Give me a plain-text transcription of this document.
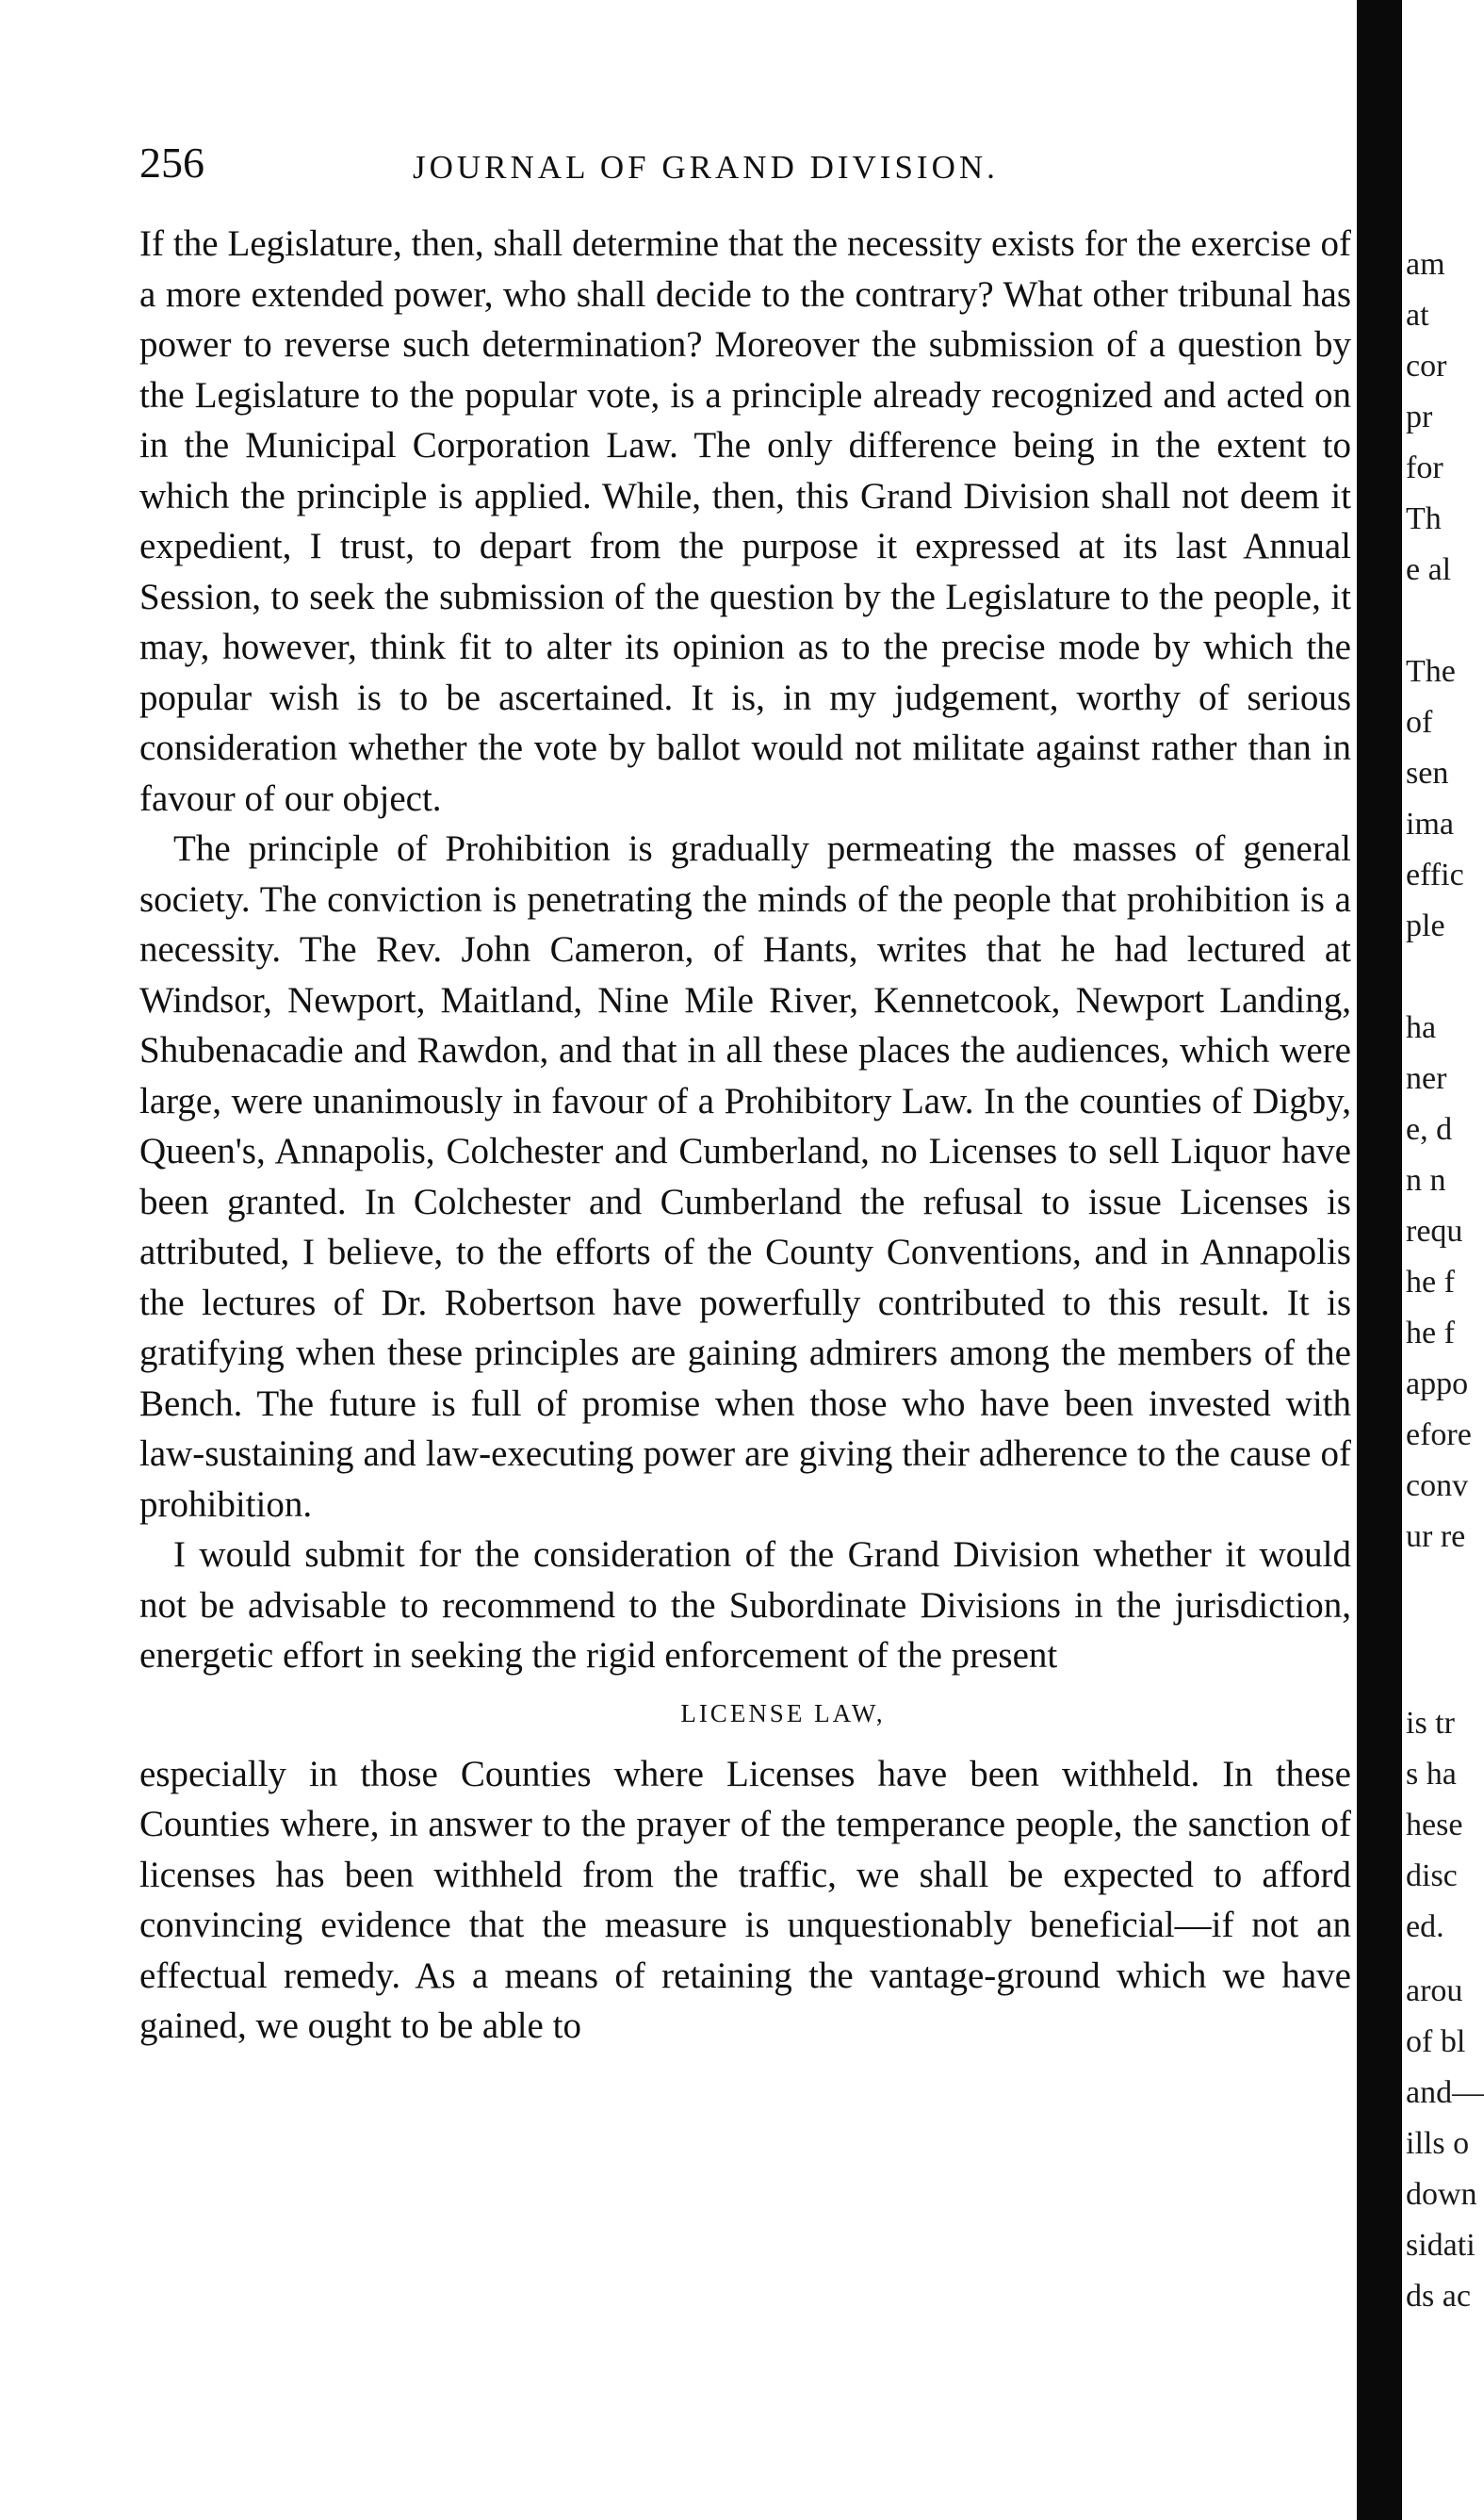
256	JOURNAL OF GRAND DIVISION.

If the Legislature, then, shall determine that the necessity exists for the exercise of a more extended power, who shall decide to the contrary? What other tribunal has power to reverse such determination? Moreover the submission of a question by the Legislature to the popular vote, is a principle already recognized and acted on in the Municipal Corporation Law. The only difference being in the extent to which the principle is applied. While, then, this Grand Division shall not deem it expedient, I trust, to depart from the purpose it expressed at its last Annual Session, to seek the submission of the question by the Legislature to the people, it may, however, think fit to alter its opinion as to the precise mode by which the popular wish is to be ascertained. It is, in my judgement, worthy of serious consideration whether the vote by ballot would not militate against rather than in favour of our object.

The principle of Prohibition is gradually permeating the masses of general society. The conviction is penetrating the minds of the people that prohibition is a necessity. The Rev. John Cameron, of Hants, writes that he had lectured at Windsor, Newport, Maitland, Nine Mile River, Kennetcook, Newport Landing, Shubenacadie and Rawdon, and that in all these places the audiences, which were large, were unanimously in favour of a Prohibitory Law. In the counties of Digby, Queen's, Annapolis, Colchester and Cumberland, no Licenses to sell Liquor have been granted. In Colchester and Cumberland the refusal to issue Licenses is attributed, I believe, to the efforts of the County Conventions, and in Annapolis the lectures of Dr. Robertson have powerfully contributed to this result. It is gratifying when these principles are gaining admirers among the members of the Bench. The future is full of promise when those who have been invested with law-sustaining and law-executing power are giving their adherence to the cause of prohibition.

I would submit for the consideration of the Grand Division whether it would not be advisable to recommend to the Subordinate Divisions in the jurisdiction, energetic effort in seeking the rigid enforcement of the present

LICENSE LAW,

especially in those Counties where Licenses have been withheld. In these Counties where, in answer to the prayer of the temperance people, the sanction of licenses has been withheld from the traffic, we shall be expected to afford convincing evidence that the measure is unquestionably beneficial—if not an effectual remedy. As a means of retaining the vantage-ground which we have gained, we ought to be able to

am
at
cor
pr
for
Th
e al
The
of
sen
ima
effic
ple
ha
ner
e, d
n n
requ
he f
he f
appo
efore
conv
ur re
is tr
s ha
hese
disc
ed.
arou
of bl
and—
ills o
down
sidati
ds ac
